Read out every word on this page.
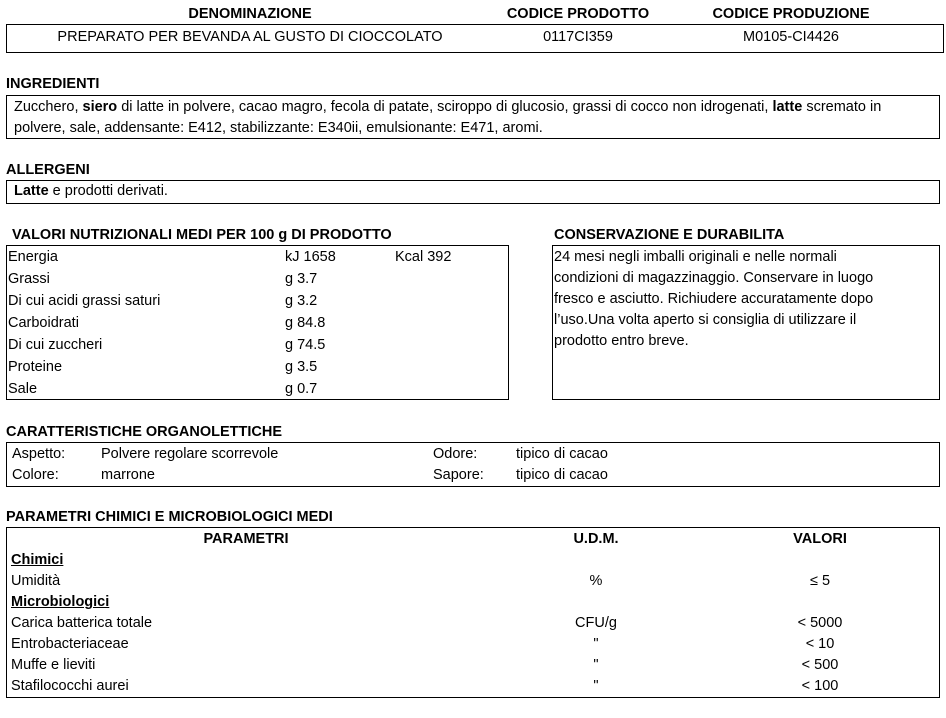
DENOMINAZIONE	CODICE PRODOTTO	CODICE PRODUZIONE
PREPARATO PER BEVANDA AL GUSTO DI CIOCCOLATO	0117CI359	M0105-CI4426
INGREDIENTI
Zucchero, siero di latte in polvere, cacao magro, fecola di patate, sciroppo di glucosio, grassi di cocco non idrogenati, latte scremato in polvere, sale, addensante: E412, stabilizzante: E340ii, emulsionante: E471, aromi.
ALLERGENI
Latte e prodotti derivati.
VALORI NUTRIZIONALI MEDI PER 100 g DI PRODOTTO
Energia	kJ 1658	Kcal 392
Grassi	g 3.7
Di cui acidi grassi saturi	g 3.2
Carboidrati	g 84.8
Di cui zuccheri	g 74.5
Proteine	g 3.5
Sale	g 0.7
CONSERVAZIONE E DURABILITA
24 mesi negli imballi originali e nelle normali
condizioni di magazzinaggio. Conservare in luogo
fresco e asciutto. Richiudere accuratamente dopo
l’uso.Una volta aperto si consiglia di utilizzare il
prodotto entro breve.
CARATTERISTICHE ORGANOLETTICHE
Aspetto: Polvere regolare scorrevole	Odore:	tipico di cacao
Colore:	marrone	Sapore: tipico di cacao
PARAMETRI CHIMICI E MICROBIOLOGICI MEDI
PARAMETRI	U.D.M.	VALORI
Chimici
Umidità	%	≤ 5
Microbiologici
Carica batterica totale	CFU/g	< 5000
Entrobacteriaceae	"	< 10
Muffe e lieviti	"	< 500
Stafilococchi aurei	"	< 100
